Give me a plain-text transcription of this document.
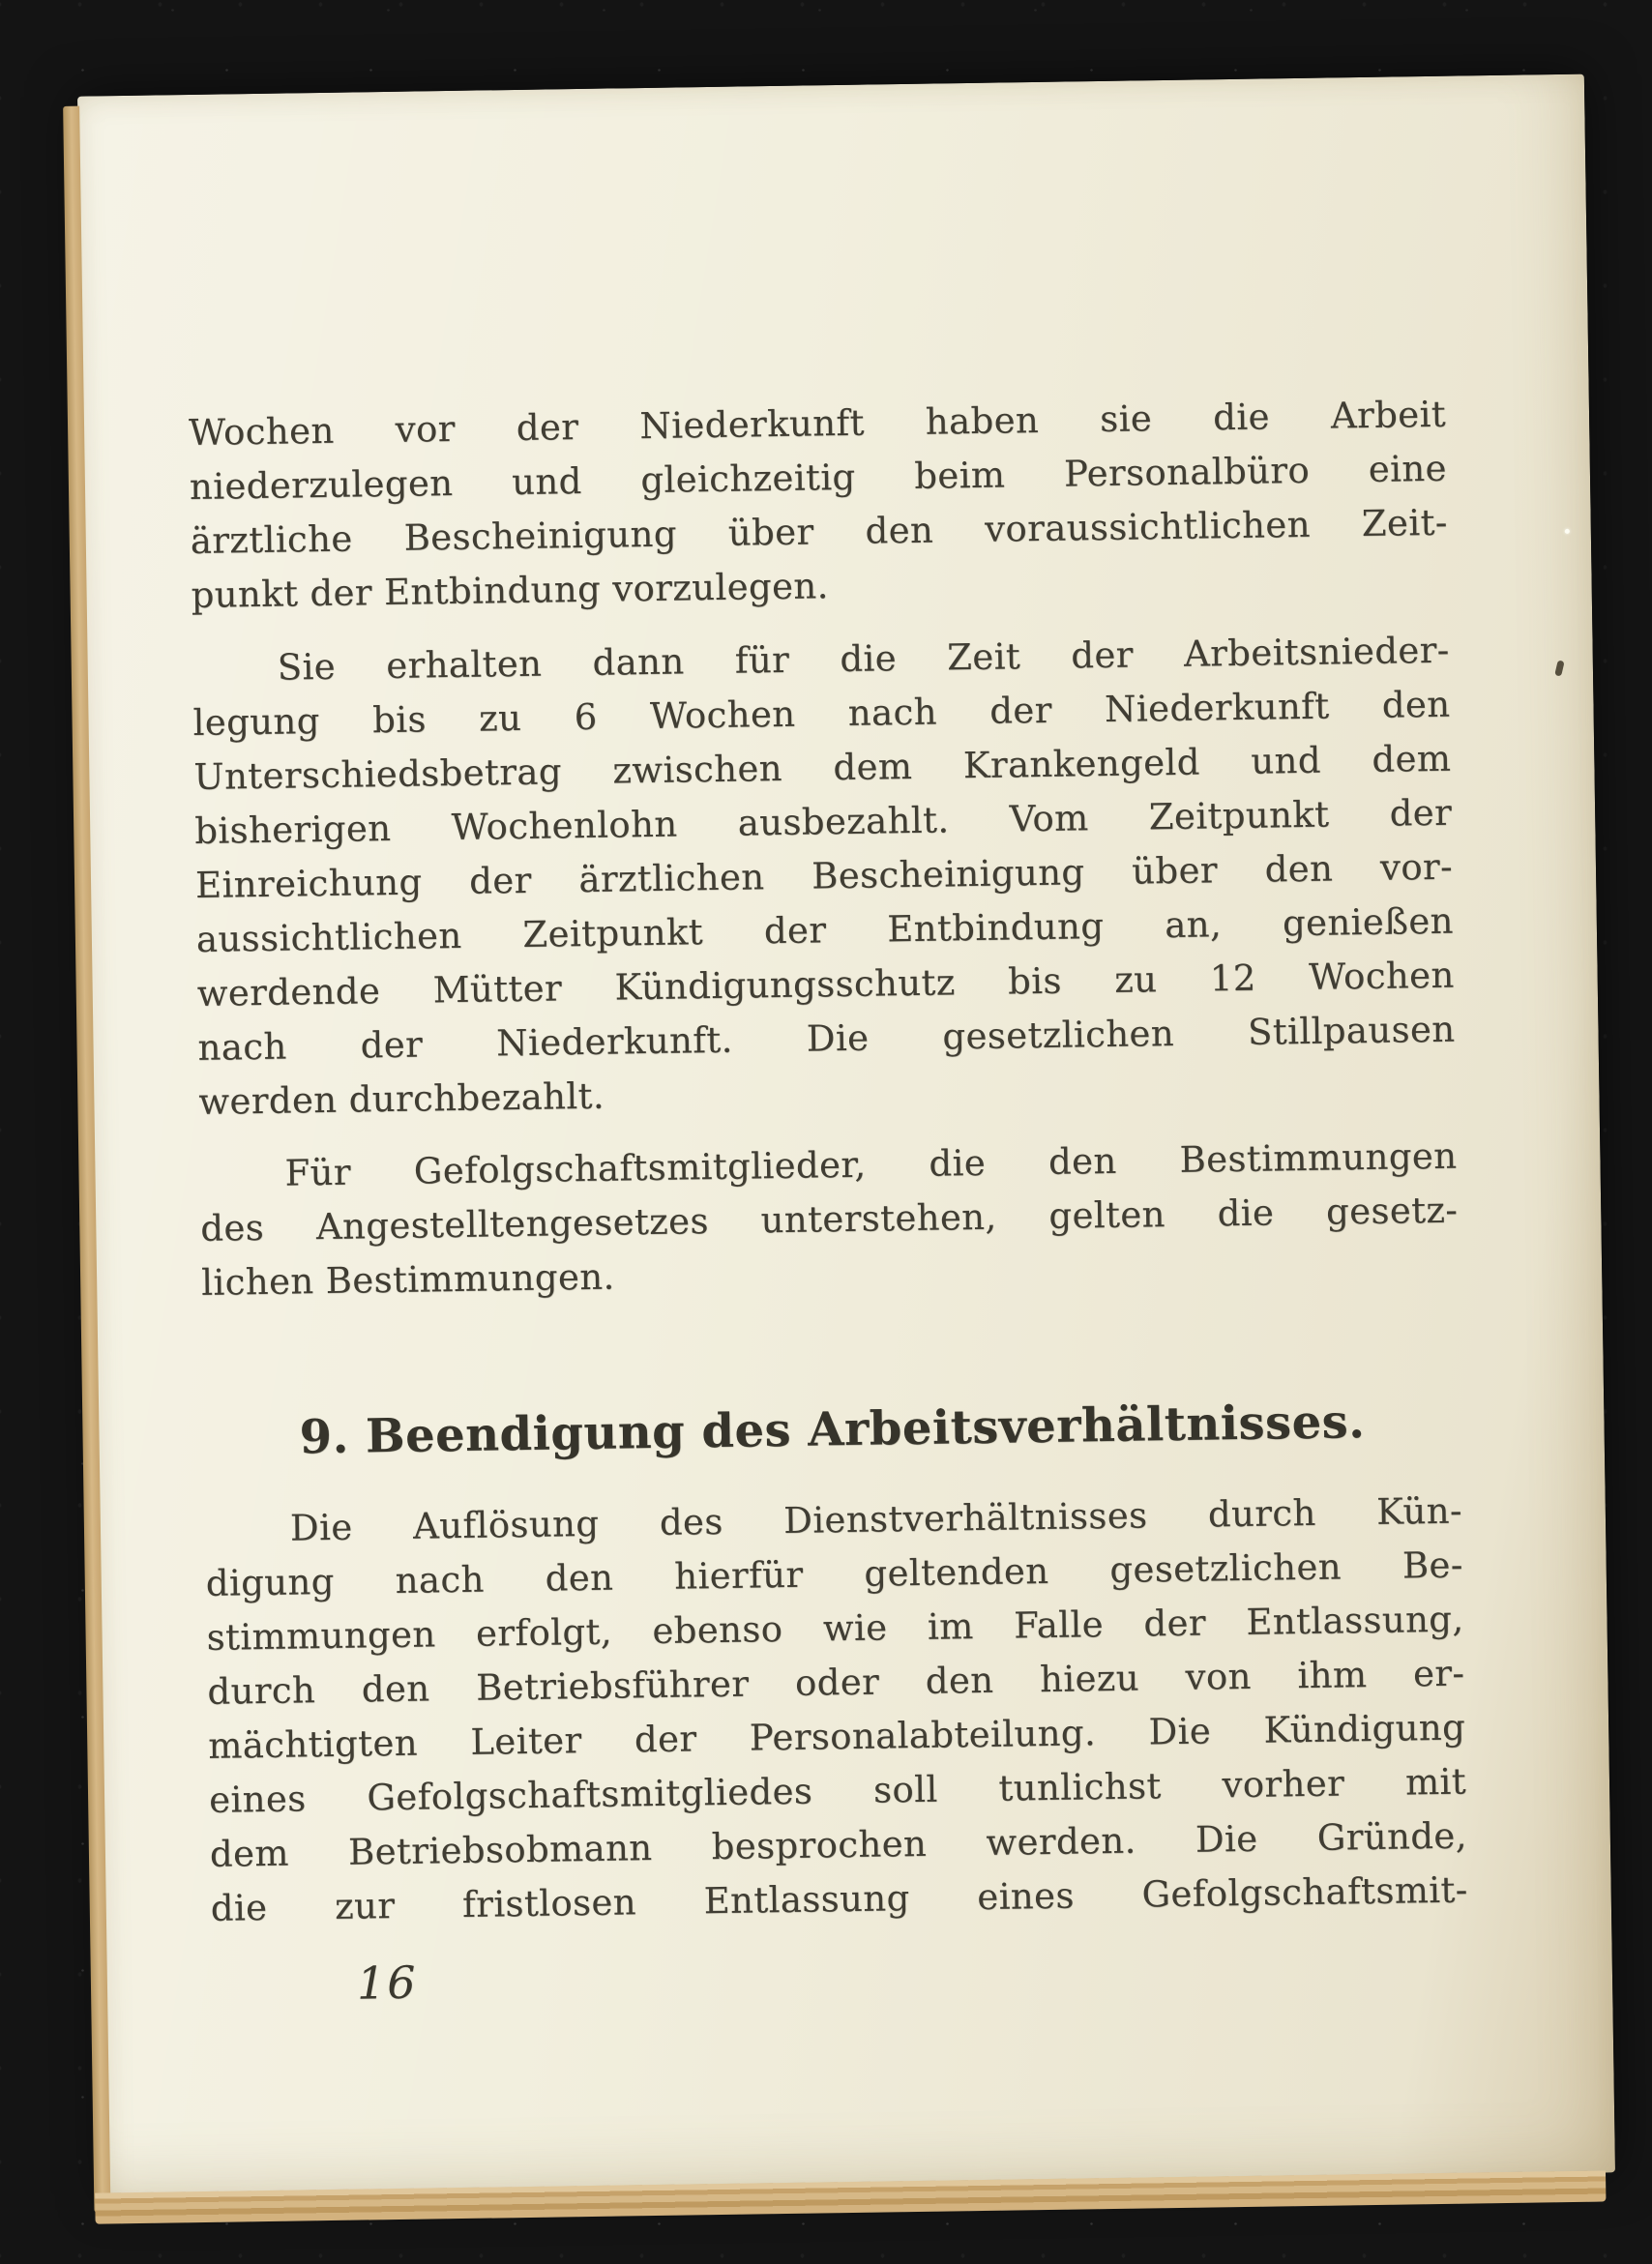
Wochen vor der Niederkunft haben sie die Arbeit

niederzulegen und gleichzeitig beim Personalbüro eine

ärztliche Bescheinigung über den voraussichtlichen Zeit-

punkt der Entbindung vorzulegen.

Sie erhalten dann für die Zeit der Arbeitsnieder-

legung bis zu 6 Wochen nach der Niederkunft den

Unterschiedsbetrag zwischen dem Krankengeld und dem

bisherigen Wochenlohn ausbezahlt. Vom Zeitpunkt der

Einreichung der ärztlichen Bescheinigung über den vor-

aussichtlichen Zeitpunkt der Entbindung an, genießen

werdende Mütter Kündigungsschutz bis zu 12 Wochen

nach der Niederkunft. Die gesetzlichen Stillpausen

werden durchbezahlt.

Für Gefolgschaftsmitglieder, die den Bestimmungen

des Angestelltengesetzes unterstehen, gelten die gesetz-

lichen Bestimmungen.

9. Beendigung des Arbeitsverhältnisses.

Die Auflösung des Dienstverhältnisses durch Kün-

digung nach den hierfür geltenden gesetzlichen Be-

stimmungen erfolgt, ebenso wie im Falle der Entlassung,

durch den Betriebsführer oder den hiezu von ihm er-

mächtigten Leiter der Personalabteilung. Die Kündigung

eines Gefolgschaftsmitgliedes soll tunlichst vorher mit

dem Betriebsobmann besprochen werden. Die Gründe,

die zur fristlosen Entlassung eines Gefolgschaftsmit-

16
